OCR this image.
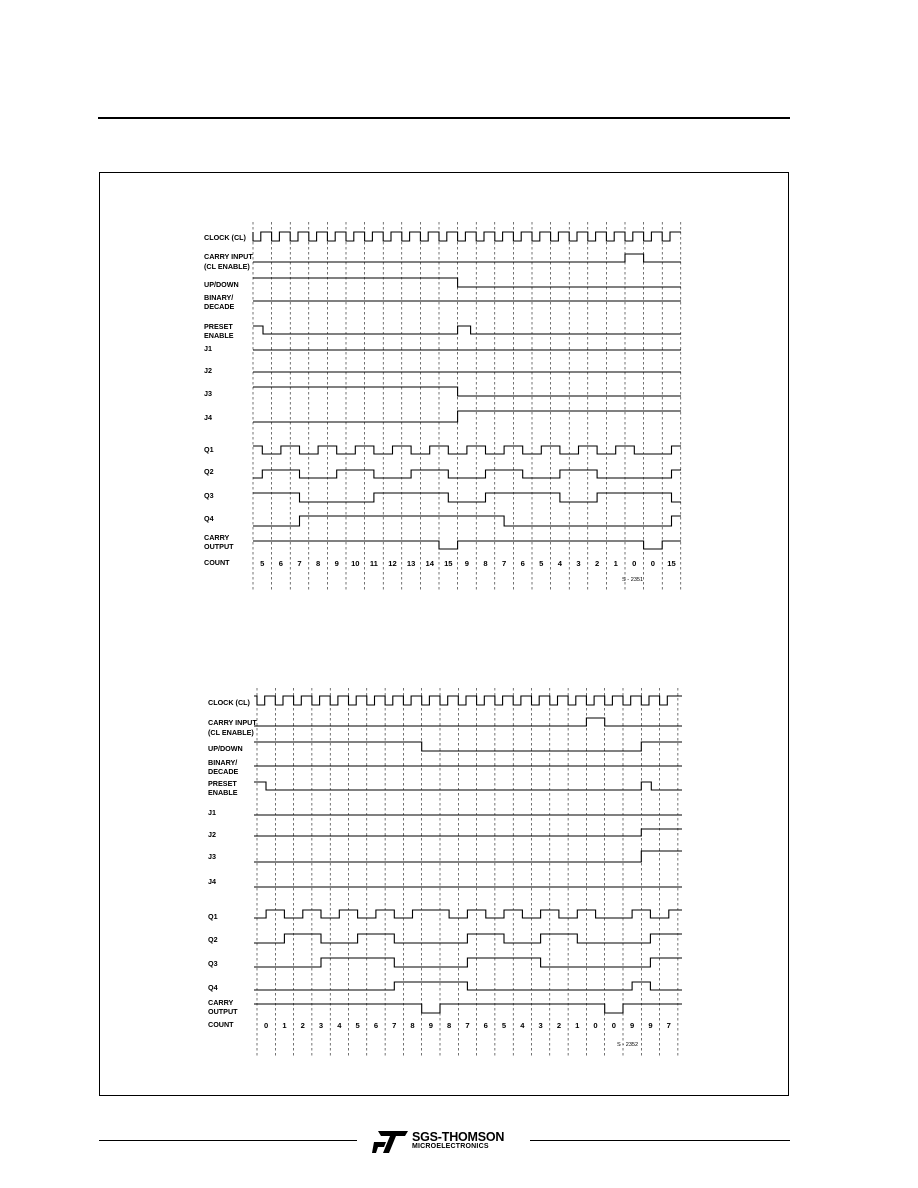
CLOCK (CL)
CARRY INPUT
(CL ENABLE)
UP/DOWN
BINARY/
DECADE
PRESET
ENABLE
J1
J2
J3
J4
Q1
Q2
Q3
Q4
CARRY
OUTPUT
COUNT	5 6 7 8 9 10 11 12 13 14 15 9 8 7 6 5 4 3 2 1 0 0 15
S - 2351
CLOCK (CL)
CARRY INPUT
(CL ENABLE)
UP/DOWN
BINARY/
DECADE
PRESET
ENABLE
J1
J2
J3
J4
Q1
Q2
Q3
Q4
CARRY
OUTPUT
COUNT	0 1 2 3 4 5 6 7 8 9 8 7 6 5 4 3 2 1 0 0 9 9 7
S - 2352
SGS-THOMSON
MICROELECTRONICS
